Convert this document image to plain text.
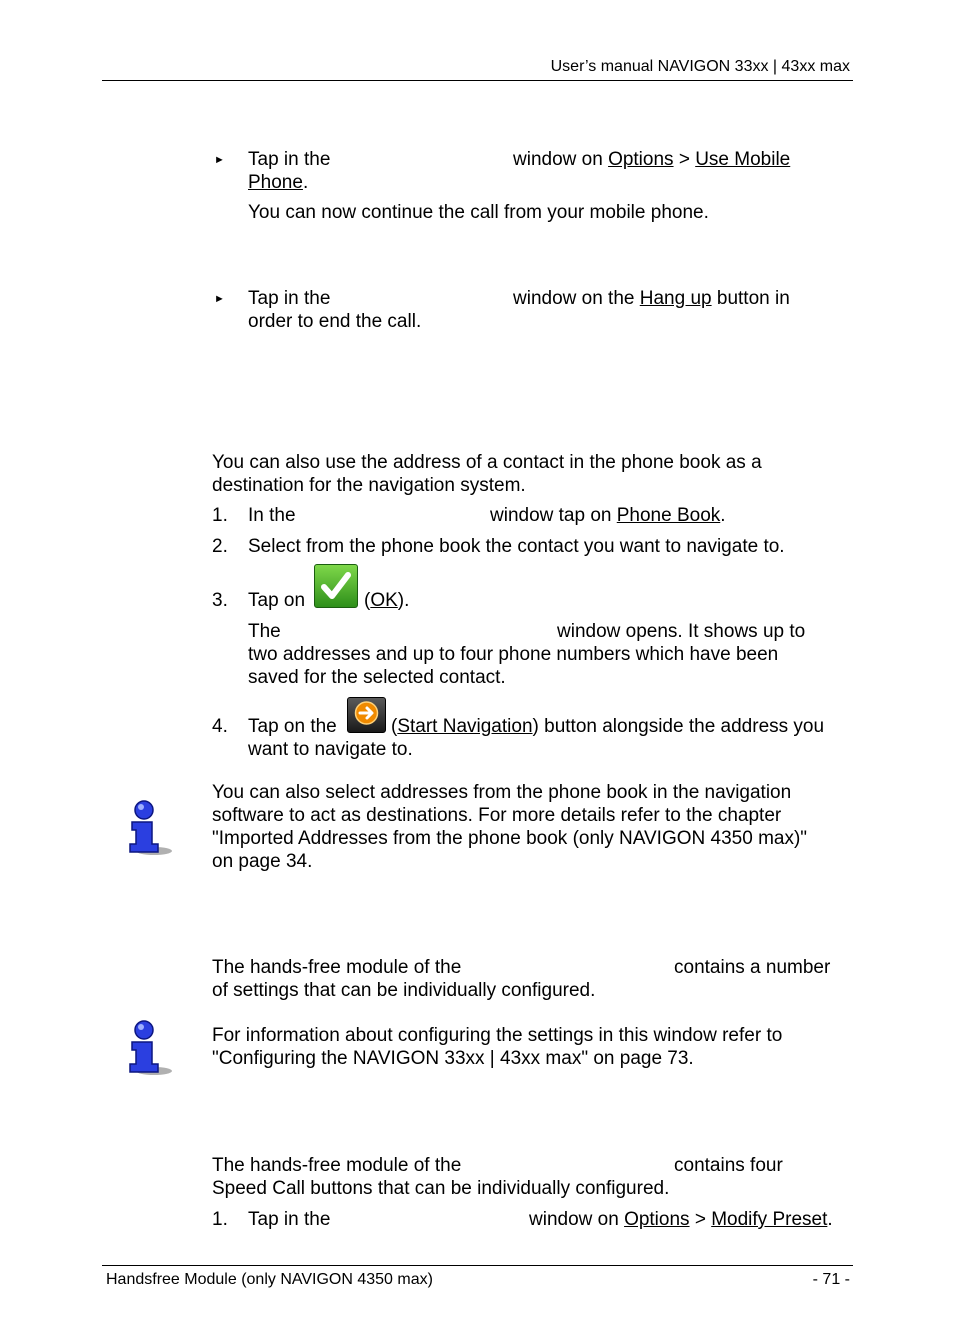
User’s manual NAVIGON 33xx | 43xx max
► Tap in the	window on Options > Use Mobile
Phone.
You can now continue the call from your mobile phone.
► Tap in the	window on the Hang up button in
order to end the call.
You can also use the address of a contact in the phone book as a
destination for the navigation system.
1. In the	window tap on Phone Book.
2. Select from the phone book the contact you want to navigate to.
3. Tap on	(OK).
The	window opens. It shows up to
two addresses and up to four phone numbers which have been
saved for the selected contact.
4. Tap on the	(Start Navigation) button alongside the address you
want to navigate to.
You can also select addresses from the phone book in the navigation
software to act as destinations. For more details refer to the chapter
"Imported Addresses from the phone book (only NAVIGON 4350 max)"
on page 34.
The hands-free module of the	contains a number
of settings that can be individually configured.
For information about configuring the settings in this window refer to
"Configuring the NAVIGON 33xx | 43xx max" on page 73.
The hands-free module of the	contains four
Speed Call buttons that can be individually configured.
1. Tap in the	window on Options > Modify Preset.
Handsfree Module (only NAVIGON 4350 max)	- 71 -
